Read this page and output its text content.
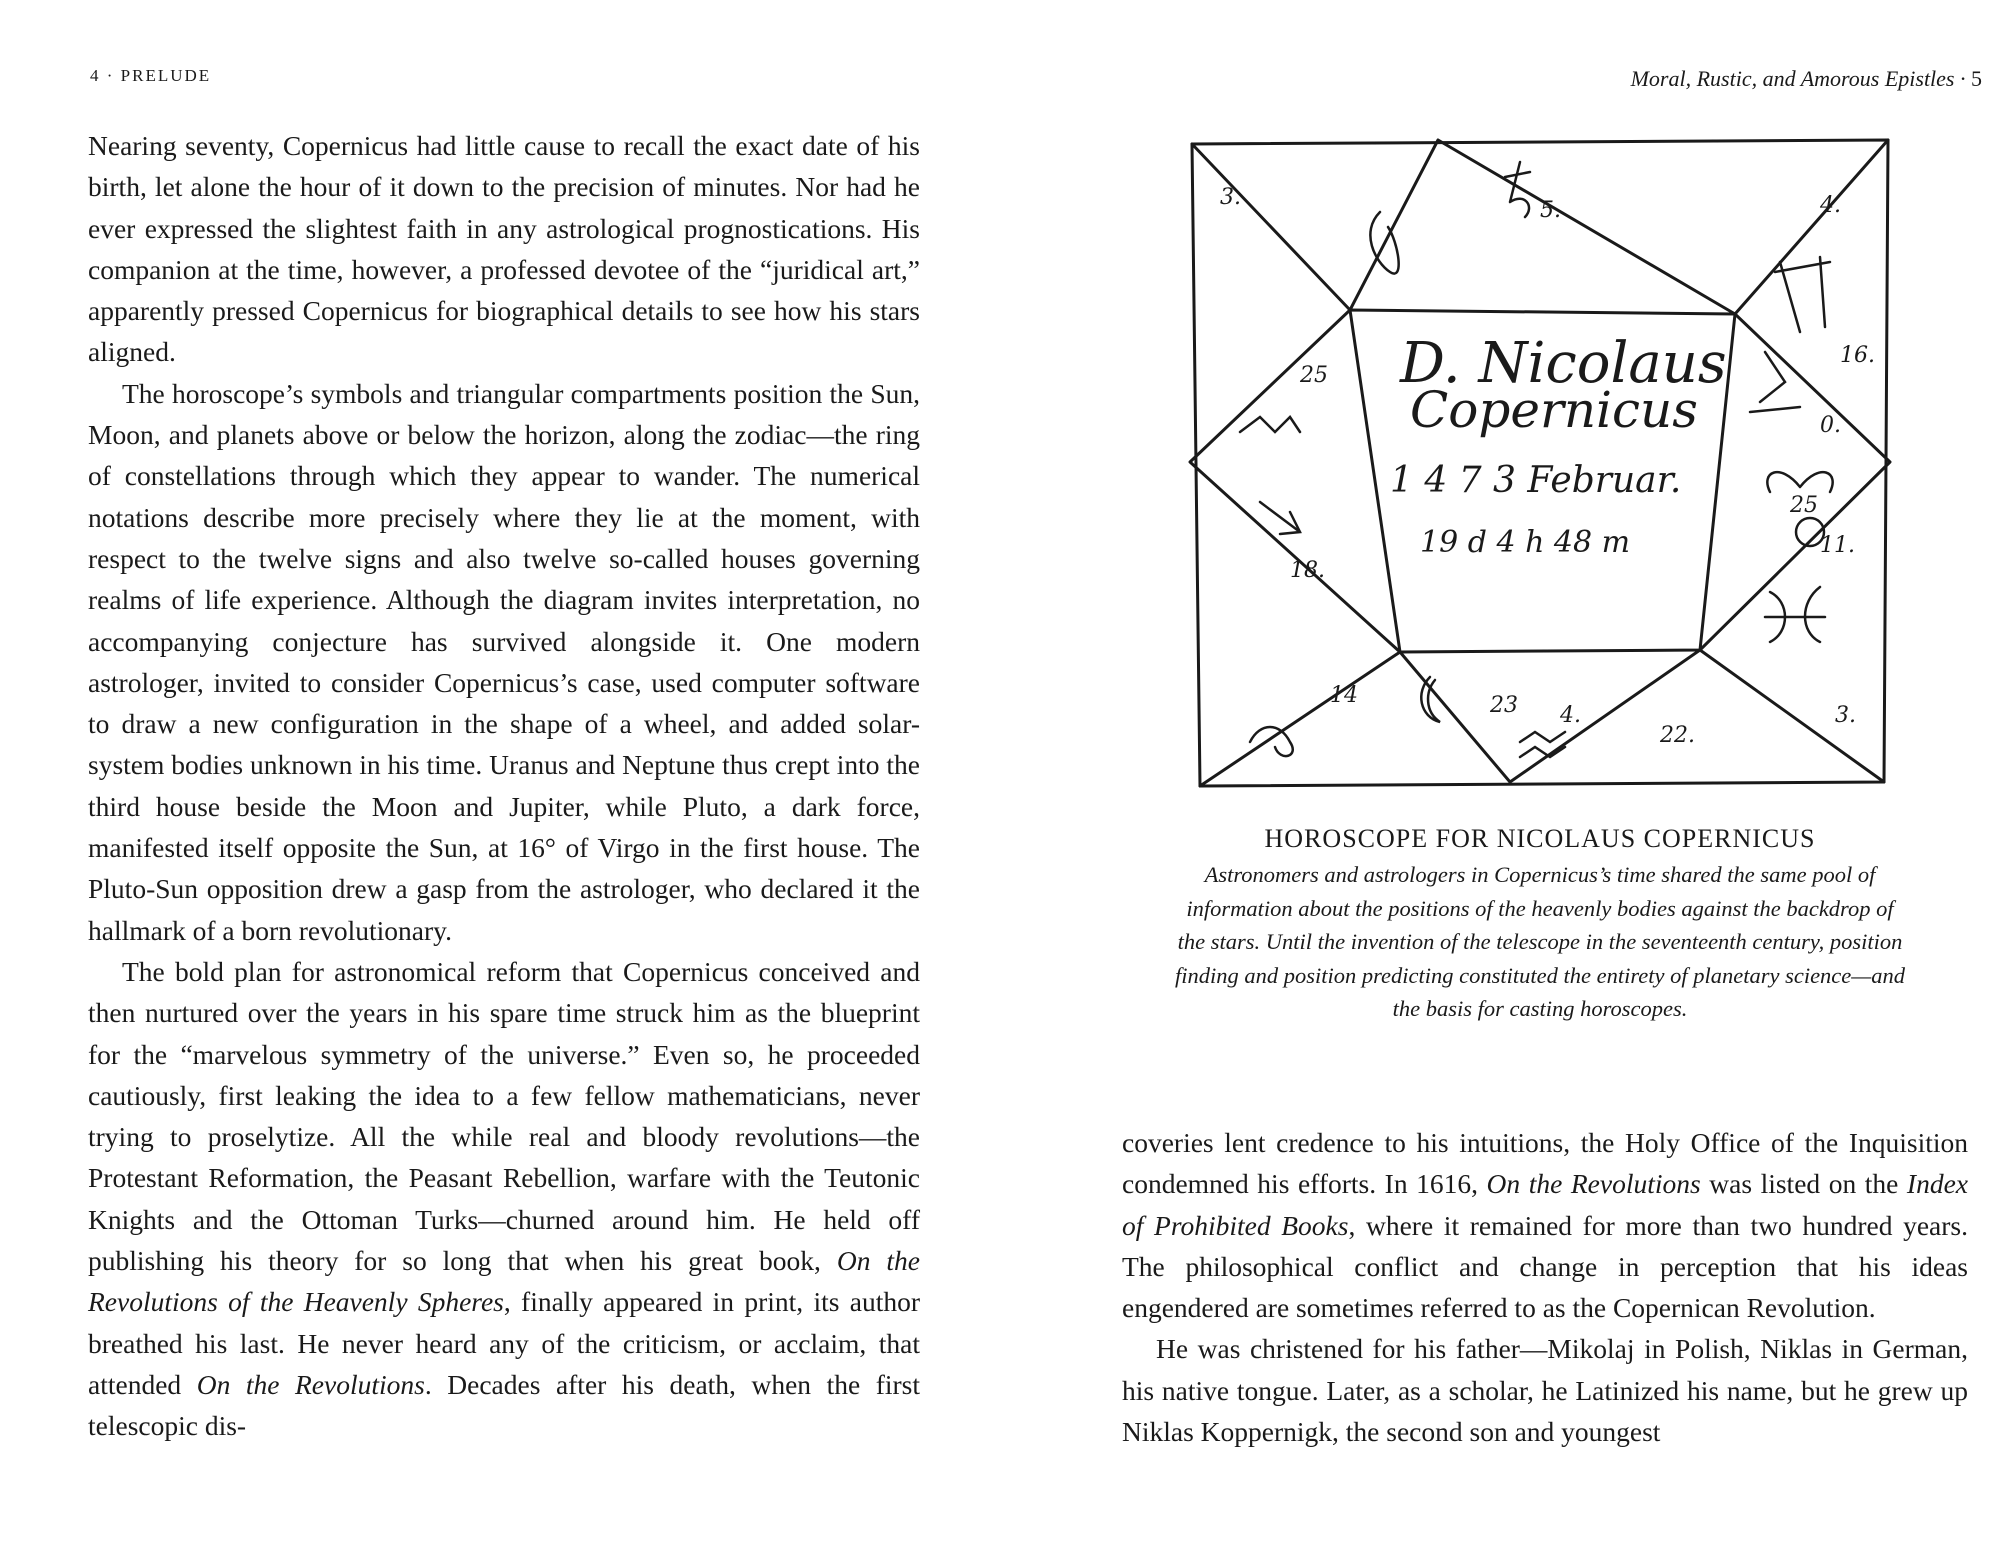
4 · PRELUDE

Nearing seventy, Copernicus had little cause to recall the exact date of his birth, let alone the hour of it down to the precision of minutes. Nor had he ever expressed the slightest faith in any astrological prognostications. His companion at the time, however, a professed devotee of the “juridical art,” apparently pressed Copernicus for biographical details to see how his stars aligned.

The horoscope’s symbols and triangular compartments position the Sun, Moon, and planets above or below the horizon, along the zodiac—the ring of constellations through which they appear to wander. The numerical notations describe more precisely where they lie at the moment, with respect to the twelve signs and also twelve so-called houses governing realms of life experience. Although the diagram invites interpretation, no accompanying conjecture has survived alongside it. One modern astrologer, invited to consider Copernicus’s case, used computer software to draw a new configuration in the shape of a wheel, and added solar-system bodies unknown in his time. Uranus and Neptune thus crept into the third house beside the Moon and Jupiter, while Pluto, a dark force, manifested itself opposite the Sun, at 16° of Virgo in the first house. The Pluto-Sun opposition drew a gasp from the astrologer, who declared it the hallmark of a born revolutionary.

The bold plan for astronomical reform that Copernicus conceived and then nurtured over the years in his spare time struck him as the blueprint for the “marvelous symmetry of the universe.” Even so, he proceeded cautiously, first leaking the idea to a few fellow mathematicians, never trying to proselytize. All the while real and bloody revolutions—the Protestant Reformation, the Peasant Rebellion, warfare with the Teutonic Knights and the Ottoman Turks—churned around him. He held off publishing his theory for so long that when his great book, On the Revolutions of the Heavenly Spheres, finally appeared in print, its author breathed his last. He never heard any of the criticism, or acclaim, that attended On the Revolutions. Decades after his death, when the first telescopic dis-

Moral, Rustic, and Amorous Epistles · 5
D. Nicolaus
Copernicus
1 4 7 3 Februar.
19 d 4 h 48 m
3.
5.	4.
16.
0.
11.
3.
22.
4.
23
14
18.
25
25
HOROSCOPE FOR NICOLAUS COPERNICUS
Astronomers and astrologers in Copernicus’s time shared the same pool of information about the positions of the heavenly bodies against the backdrop of the stars. Until the invention of the telescope in the seventeenth century, position finding and position predicting constituted the entirety of planetary science—and the basis for casting horoscopes.

coveries lent credence to his intuitions, the Holy Office of the Inquisition condemned his efforts. In 1616, On the Revolutions was listed on the Index of Prohibited Books, where it remained for more than two hundred years. The philosophical conflict and change in perception that his ideas engendered are sometimes referred to as the Copernican Revolution.

He was christened for his father—Mikolaj in Polish, Niklas in German, his native tongue. Later, as a scholar, he Latinized his name, but he grew up Niklas Koppernigk, the second son and youngest
